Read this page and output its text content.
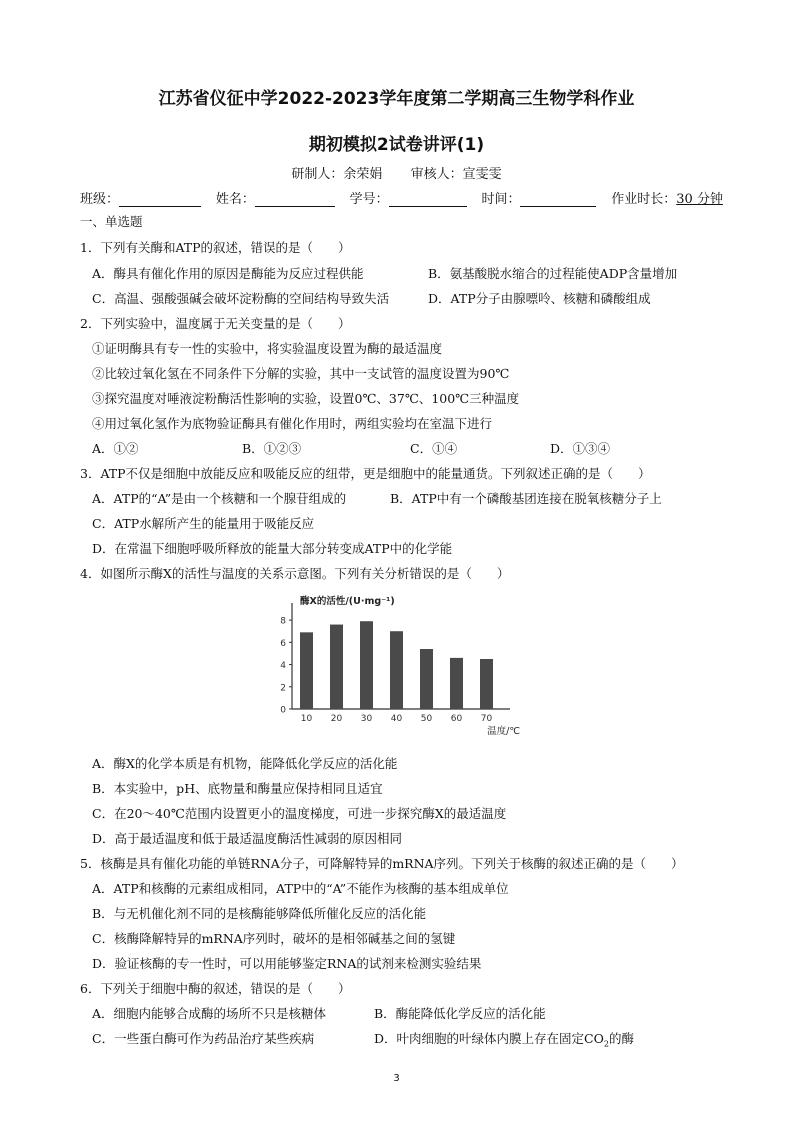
江苏省仪征中学2022-2023学年度第二学期高三生物学科作业
期初模拟2试卷讲评(1)
研制人：余荣娟 审核人：宣雯雯
班级：	姓名：	学号：	时间：	作业时长：30 分钟
一、单选题
1．下列有关酶和ATP的叙述，错误的是（　　）
A．酶具有催化作用的原因是酶能为反应过程供能	B．氨基酸脱水缩合的过程能使ADP含量增加
C．高温、强酸强碱会破坏淀粉酶的空间结构导致失活	D．ATP分子由腺嘌呤、核糖和磷酸组成
2．下列实验中，温度属于无关变量的是（　　）
①证明酶具有专一性的实验中，将实验温度设置为酶的最适温度
②比较过氧化氢在不同条件下分解的实验，其中一支试管的温度设置为90℃
③探究温度对唾液淀粉酶活性影响的实验，设置0℃、37℃、100℃三种温度
④用过氧化氢作为底物验证酶具有催化作用时，两组实验均在室温下进行
A．①②	B．①②③	C．①④	D．①③④
3．ATP不仅是细胞中放能反应和吸能反应的纽带，更是细胞中的能量通货。下列叙述正确的是（　　）
A．ATP的“A”是由一个核糖和一个腺苷组成的	B．ATP中有一个磷酸基团连接在脱氧核糖分子上
C．ATP水解所产生的能量用于吸能反应
D．在常温下细胞呼吸所释放的能量大部分转变成ATP中的化学能
4．如图所示酶X的活性与温度的关系示意图。下列有关分析错误的是（　　）
0
2
4
6
8
10 20 30 40 50 60 70
酶X的活性/(U·mg⁻¹)
温度/℃
A．酶X的化学本质是有机物，能降低化学反应的活化能
B．本实验中，pH、底物量和酶量应保持相同且适宜
C．在20～40℃范围内设置更小的温度梯度，可进一步探究酶X的最适温度
D．高于最适温度和低于最适温度酶活性减弱的原因相同
5．核酶是具有催化功能的单链RNA分子，可降解特异的mRNA序列。下列关于核酶的叙述正确的是（　　）
A．ATP和核酶的元素组成相同，ATP中的“A”不能作为核酶的基本组成单位
B．与无机催化剂不同的是核酶能够降低所催化反应的活化能
C．核酶降解特异的mRNA序列时，破坏的是相邻碱基之间的氢键
D．验证核酶的专一性时，可以用能够鉴定RNA的试剂来检测实验结果
6．下列关于细胞中酶的叙述，错误的是（　　）
A．细胞内能够合成酶的场所不只是核糖体	B．酶能降低化学反应的活化能
C．一些蛋白酶可作为药品治疗某些疾病	D．叶肉细胞的叶绿体内膜上存在固定$CO_2$的酶
3
